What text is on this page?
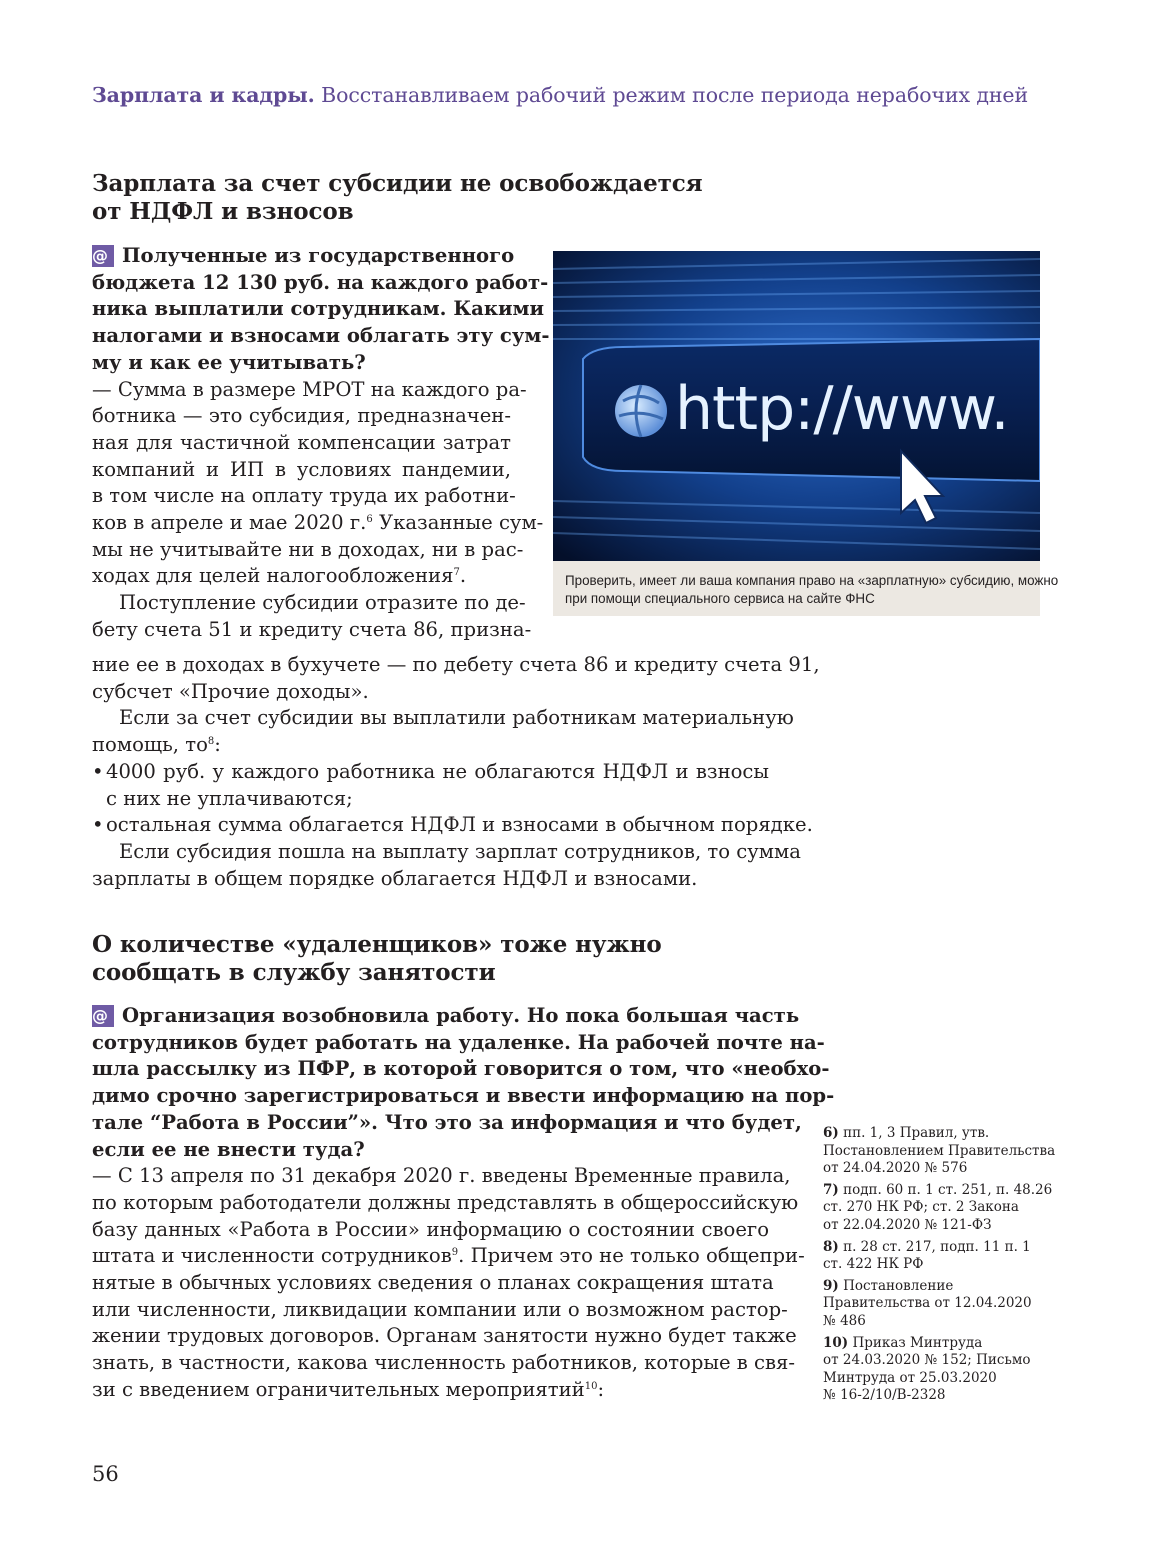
Зарплата и кадры. Восстанавливаем рабочий режим после периода нерабочих дней
Зарплата за счет субсидии не освобождается
от НДФЛ и взносов
@ Полученные из государственного
бюджета 12 130 руб. на каждого работ-
ника выплатили сотрудникам. Какими
налогами и взносами облагать эту сум-
му и как ее учитывать?
— Сумма в размере МРОТ на каждого ра-
ботника — это субсидия, предназначен-
ная для частичной компенсации затрат
компаний и ИП в условиях пандемии,
в том числе на оплату труда их работни-
ков в апреле и мае 2020 г.$^6$ Указанные сум-
мы не учитывайте ни в доходах, ни в рас-
ходах для целей налогообложения$^7$.
Поступление субсидии отразите по де-
бету счета 51 и кредиту счета 86, призна-
ние ее в доходах в бухучете — по дебету счета 86 и кредиту счета 91,
субсчет «Прочие доходы».
Если за счет субсидии вы выплатили работникам материальную
помощь, $то^8$:
• 4000 руб. у каждого работника не облагаются НДФЛ и взносы
с них не уплачиваются;
• остальная сумма облагается НДФЛ и взносами в обычном порядке.
Если субсидия пошла на выплату зарплат сотрудников, то сумма
зарплаты в общем порядке облагается НДФЛ и взносами.
http://www.
Проверить, имеет ли ваша компания право на «зарплатную» субсидию, можно
при помощи специального сервиса на сайте ФНС
О количестве «удаленщиков» тоже нужно
сообщать в службу занятости
@ Организация возобновила работу. Но пока большая часть
сотрудников будет работать на удаленке. На рабочей почте на-
шла рассылку из ПФР, в которой говорится о том, что «необхо-
димо срочно зарегистрироваться и ввести информацию на пор-
тале “Работа в России”». Что это за информация и что будет,
если ее не внести туда?
— С 13 апреля по 31 декабря 2020 г. введены Временные правила,
по которым работодатели должны представлять в общероссийскую
базу данных «Работа в России» информацию о состоянии своего
штата и численности сотрудников$^9$. Причем это не только общепри-
нятые в обычных условиях сведения о планах сокращения штата
или численности, ликвидации компании или о возможном растор-
жении трудовых договоров. Органам занятости нужно будет также
знать, в частности, какова численность работников, которые в свя-
зи с введением ограничительных мероприятий$^{10}$:
6) пп. 1, 3 Правил, утв.
Постановлением Правительства
от 24.04.2020 № 576
7) подп. 60 п. 1 ст. 251, п. 48.26
ст. 270 НК РФ; ст. 2 Закона
от 22.04.2020 № 121-ФЗ
8) п. 28 ст. 217, подп. 11 п. 1
ст. 422 НК РФ
9) Постановление
Правительства от 12.04.2020
№ 486
10) Приказ Минтруда
от 24.03.2020 № 152; Письмо
Минтруда от 25.03.2020
№ 16-2/10/В-2328
56
